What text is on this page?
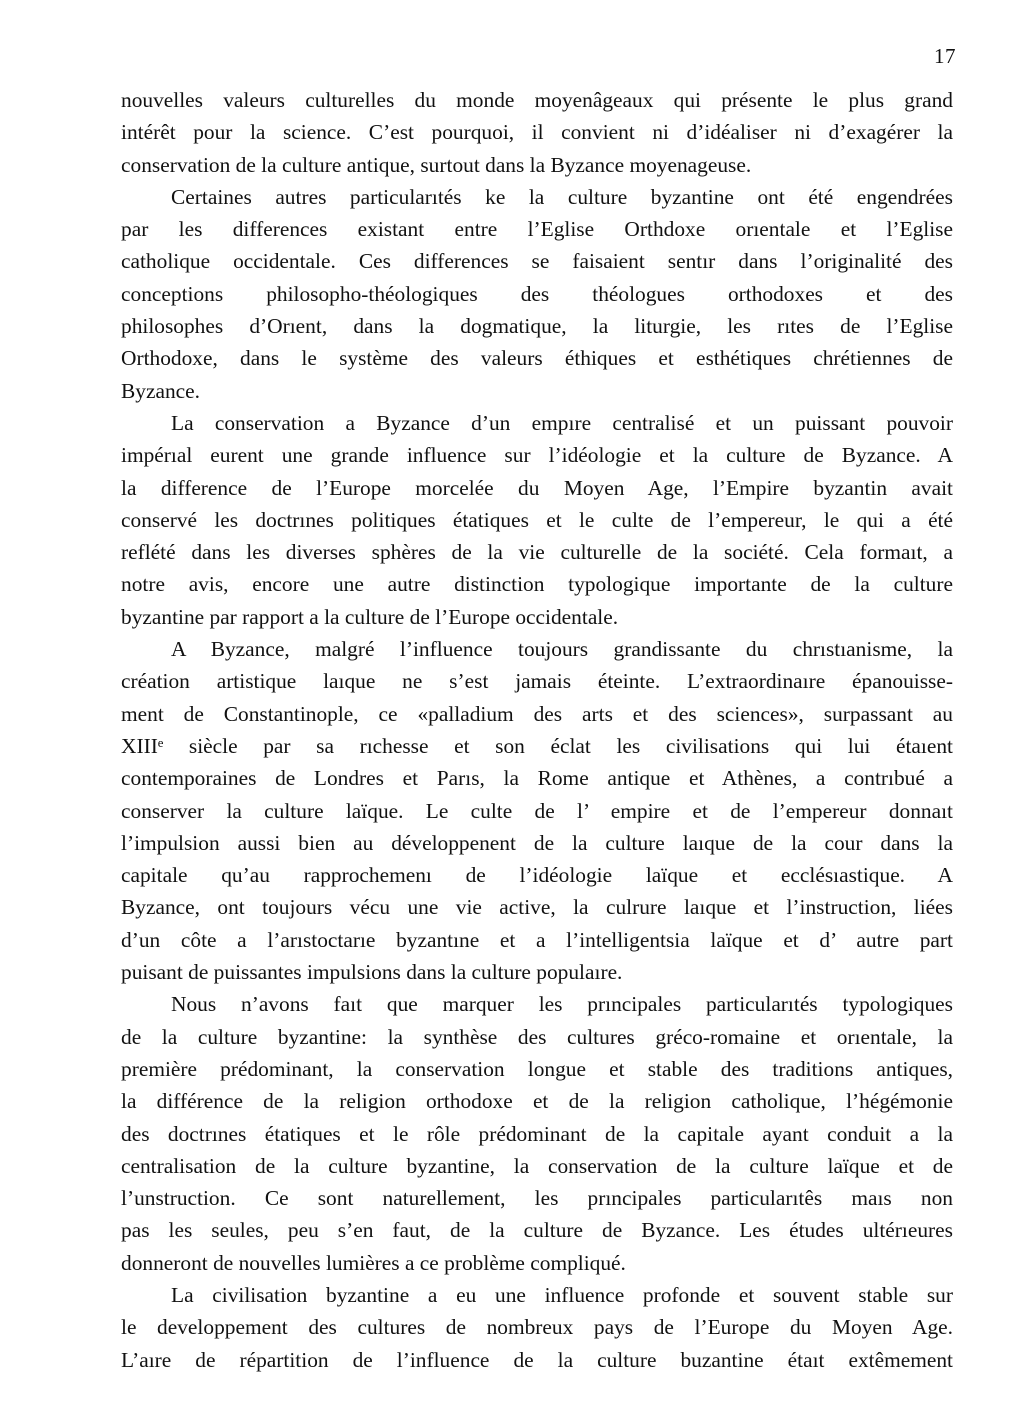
17
nouvelles valeurs culturelles du monde moyenâgeaux qui présente le plus grand
intérêt pour la science. C’est pourquoi, il convient ni d’idéaliser ni d’exagérer la
conservation de la culture antique, surtout dans la Byzance moyenageuse.
Certaines autres particularıtés ke la culture byzantine ont été engendrées
par les differences existant entre l’Eglise Orthdoxe orıentale et l’Eglise
catholique occidentale. Ces differences se faisaient sentır dans l’originalité des
conceptions philosopho-théologiques des théologues orthodoxes et des
philosophes d’Orıent, dans la dogmatique, la liturgie, les rıtes de l’Eglise
Orthodoxe, dans le système des valeurs éthiques et esthétiques chrétiennes de
Byzance.
La conservation a Byzance d’un empıre centralisé et un puissant pouvoir
impérıal eurent une grande influence sur l’idéologie et la culture de Byzance. A
la difference de l’Europe morcelée du Moyen Age, l’Empire byzantin avait
conservé les doctrınes politiques étatiques et le culte de l’empereur, le qui a été
reflété dans les diverses sphères de la vie culturelle de la société. Cela formaıt, a
notre avis, encore une autre distinction typologique importante de la culture
byzantine par rapport a la culture de l’Europe occidentale.
A Byzance, malgré l’influence toujours grandissante du chrıstıanisme, la
création artistique laıque ne s’est jamais éteinte. L’extraordinaıre épanouisse-
ment de Constantinople, ce «palladium des arts et des sciences», surpassant au
XIIIᵉ siècle par sa rıchesse et son éclat les civilisations qui lui étaıent
contemporaines de Londres et Parıs, la Rome antique et Athènes, a contrıbué a
conserver la culture laïque. Le culte de l’ empire et de l’empereur donnaıt
l’impulsion aussi bien au développenent de la culture laıque de la cour dans la
capitale qu’au rapprochemenı de l’idéologie laïque et ecclésıastique. A
Byzance, ont toujours vécu une vie active, la culrure laıque et l’instruction, liées
d’un côte a l’arıstoctarıe byzantıne et a l’intelligentsia laïque et d’ autre part
puisant de puissantes impulsions dans la culture populaıre.
Nous n’avons faıt que marquer les prıncipales particularıtés typologiques
de la culture byzantine: la synthèse des cultures gréco-romaine et orıentale, la
première prédominant, la conservation longue et stable des traditions antiques,
la différence de la religion orthodoxe et de la religion catholique, l’hégémonie
des doctrınes étatiques et le rôle prédominant de la capitale ayant conduit a la
centralisation de la culture byzantine, la conservation de la culture laïque et de
l’unstruction. Ce sont naturellement, les prıncipales particularıtês maıs non
pas les seules, peu s’en faut, de la culture de Byzance. Les études ultérıeures
donneront de nouvelles lumières a ce problème compliqué.
La civilisation byzantine a eu une influence profonde et souvent stable sur
le developpement des cultures de nombreux pays de l’Europe du Moyen Age.
L’aıre de répartition de l’influence de la culture buzantine étaıt extêmement
